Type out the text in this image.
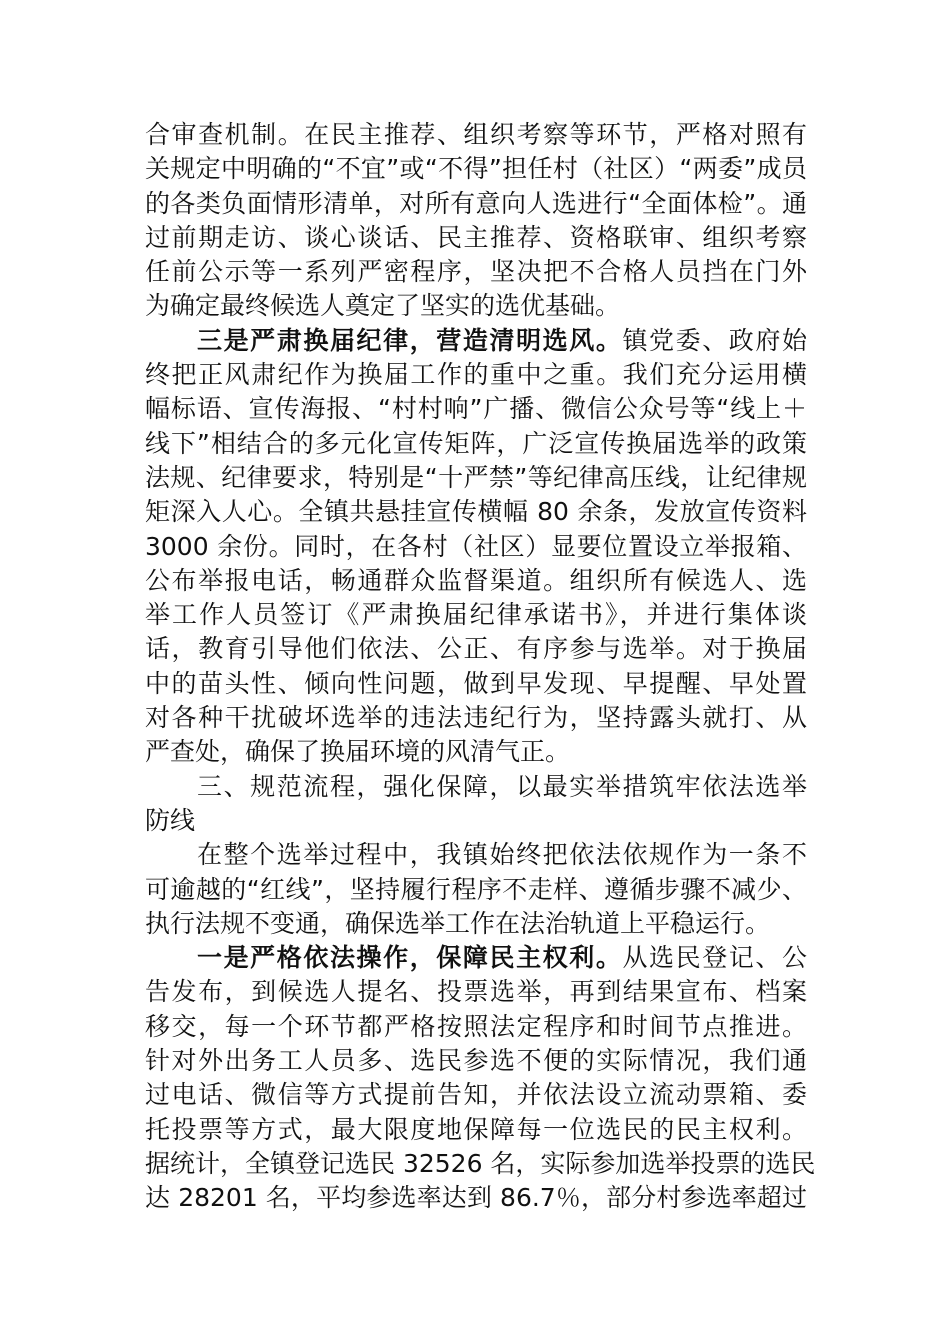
合审查机制。在民主推荐、组织考察等环节，严格对照有
关规定中明确的“不宜”或“不得”担任村（社区）“两委”成员
的各类负面情形清单，对所有意向人选进行“全面体检”。通
过前期走访、谈心谈话、民主推荐、资格联审、组织考察
任前公示等一系列严密程序，坚决把不合格人员挡在门外
为确定最终候选人奠定了坚实的选优基础。
三是严肃换届纪律，营造清明选风。镇党委、政府始
终把正风肃纪作为换届工作的重中之重。我们充分运用横
幅标语、宣传海报、“村村响”广播、微信公众号等“线上＋
线下”相结合的多元化宣传矩阵，广泛宣传换届选举的政策
法规、纪律要求，特别是“十严禁”等纪律高压线，让纪律规
矩深入人心。全镇共悬挂宣传横幅 80 余条，发放宣传资料
3000 余份。同时，在各村（社区）显要位置设立举报箱、
公布举报电话，畅通群众监督渠道。组织所有候选人、选
举工作人员签订《严肃换届纪律承诺书》，并进行集体谈
话，教育引导他们依法、公正、有序参与选举。对于换届
中的苗头性、倾向性问题，做到早发现、早提醒、早处置
对各种干扰破坏选举的违法违纪行为，坚持露头就打、从
严查处，确保了换届环境的风清气正。
三、规范流程，强化保障，以最实举措筑牢依法选举
防线
在整个选举过程中，我镇始终把依法依规作为一条不
可逾越的“红线”，坚持履行程序不走样、遵循步骤不减少、
执行法规不变通，确保选举工作在法治轨道上平稳运行。
一是严格依法操作，保障民主权利。从选民登记、公
告发布，到候选人提名、投票选举，再到结果宣布、档案
移交，每一个环节都严格按照法定程序和时间节点推进。
针对外出务工人员多、选民参选不便的实际情况，我们通
过电话、微信等方式提前告知，并依法设立流动票箱、委
托投票等方式，最大限度地保障每一位选民的民主权利。
据统计，全镇登记选民 32526 名，实际参加选举投票的选民
达 28201 名，平均参选率达到 86.7％，部分村参选率超过
